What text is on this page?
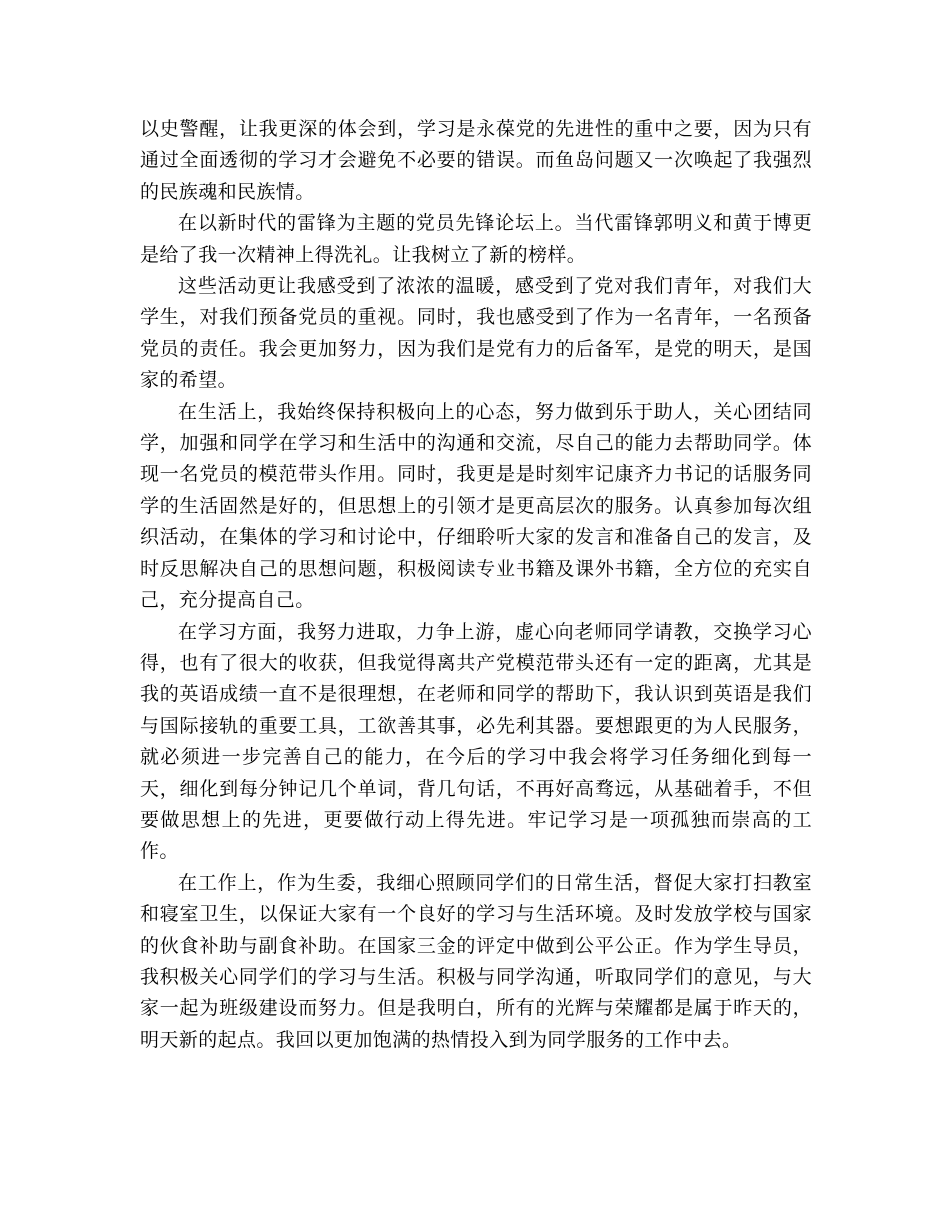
以史警醒，让我更深的体会到，学习是永葆党的先进性的重中之要，因为只有通过全面透彻的学习才会避免不必要的错误。而鱼岛问题又一次唤起了我强烈的民族魂和民族情。

在以新时代的雷锋为主题的党员先锋论坛上。当代雷锋郭明义和黄于博更是给了我一次精神上得洗礼。让我树立了新的榜样。

这些活动更让我感受到了浓浓的温暖，感受到了党对我们青年，对我们大学生，对我们预备党员的重视。同时，我也感受到了作为一名青年，一名预备党员的责任。我会更加努力，因为我们是党有力的后备军，是党的明天，是国家的希望。

在生活上，我始终保持积极向上的心态，努力做到乐于助人，关心团结同学，加强和同学在学习和生活中的沟通和交流，尽自己的能力去帮助同学。体现一名党员的模范带头作用。同时，我更是是时刻牢记康齐力书记的话服务同学的生活固然是好的，但思想上的引领才是更高层次的服务。认真参加每次组织活动，在集体的学习和讨论中，仔细聆听大家的发言和准备自己的发言，及时反思解决自己的思想问题，积极阅读专业书籍及课外书籍，全方位的充实自己，充分提高自己。

在学习方面，我努力进取，力争上游，虚心向老师同学请教，交换学习心得，也有了很大的收获，但我觉得离共产党模范带头还有一定的距离，尤其是我的英语成绩一直不是很理想，在老师和同学的帮助下，我认识到英语是我们与国际接轨的重要工具，工欲善其事，必先利其器。要想跟更的为人民服务，就必须进一步完善自己的能力，在今后的学习中我会将学习任务细化到每一天，细化到每分钟记几个单词，背几句话，不再好高骛远，从基础着手，不但要做思想上的先进，更要做行动上得先进。牢记学习是一项孤独而崇高的工作。

在工作上，作为生委，我细心照顾同学们的日常生活，督促大家打扫教室和寝室卫生，以保证大家有一个良好的学习与生活环境。及时发放学校与国家的伙食补助与副食补助。在国家三金的评定中做到公平公正。作为学生导员，我积极关心同学们的学习与生活。积极与同学沟通，听取同学们的意见，与大家一起为班级建设而努力。但是我明白，所有的光辉与荣耀都是属于昨天的，明天新的起点。我回以更加饱满的热情投入到为同学服务的工作中去。
